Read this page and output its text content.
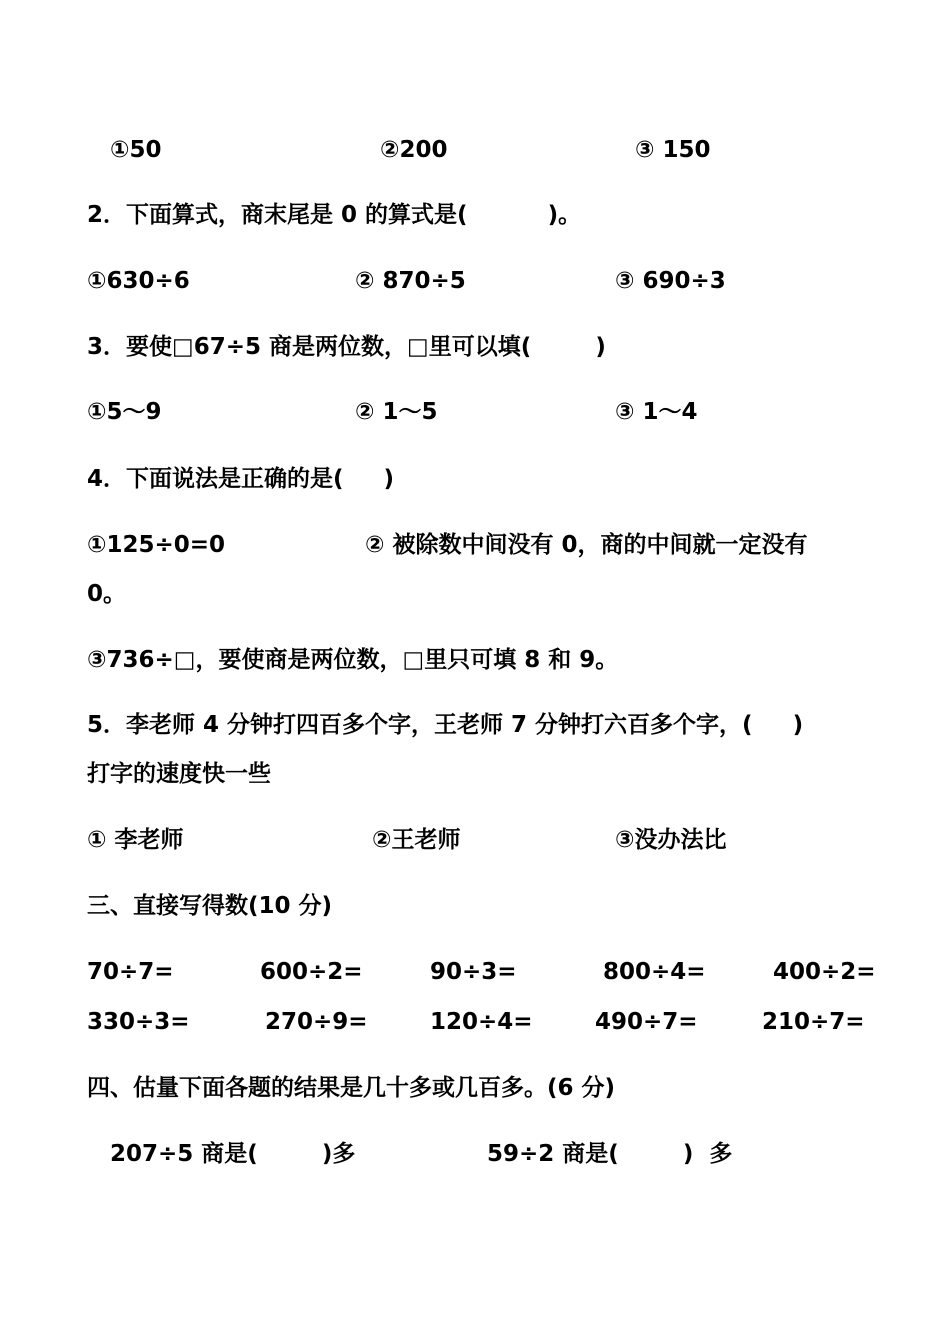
①50	②200	③ 150
2．下面算式，商末尾是 0 的算式是(          )。
①630÷6	② 870÷5	③ 690÷3
3．要使□67÷5 商是两位数，□里可以填(        )
①5～9	② 1～5	③ 1～4
4．下面说法是正确的是(     )
①125÷0=0	② 被除数中间没有 0，商的中间就一定没有
0。
③736÷□，要使商是两位数，□里只可填 8 和 9。
5．李老师 4 分钟打四百多个字，王老师 7 分钟打六百多个字，(     )
打字的速度快一些
① 李老师	②王老师	③没办法比
三、直接写得数(10 分)
70÷7=	600÷2=	90÷3=	800÷4=	400÷2=
330÷3=	270÷9=	120÷4=	490÷7=	210÷7=
四、估量下面各题的结果是几十多或几百多。(6 分)
207÷5 商是(        )多	59÷2 商是(        )  多
